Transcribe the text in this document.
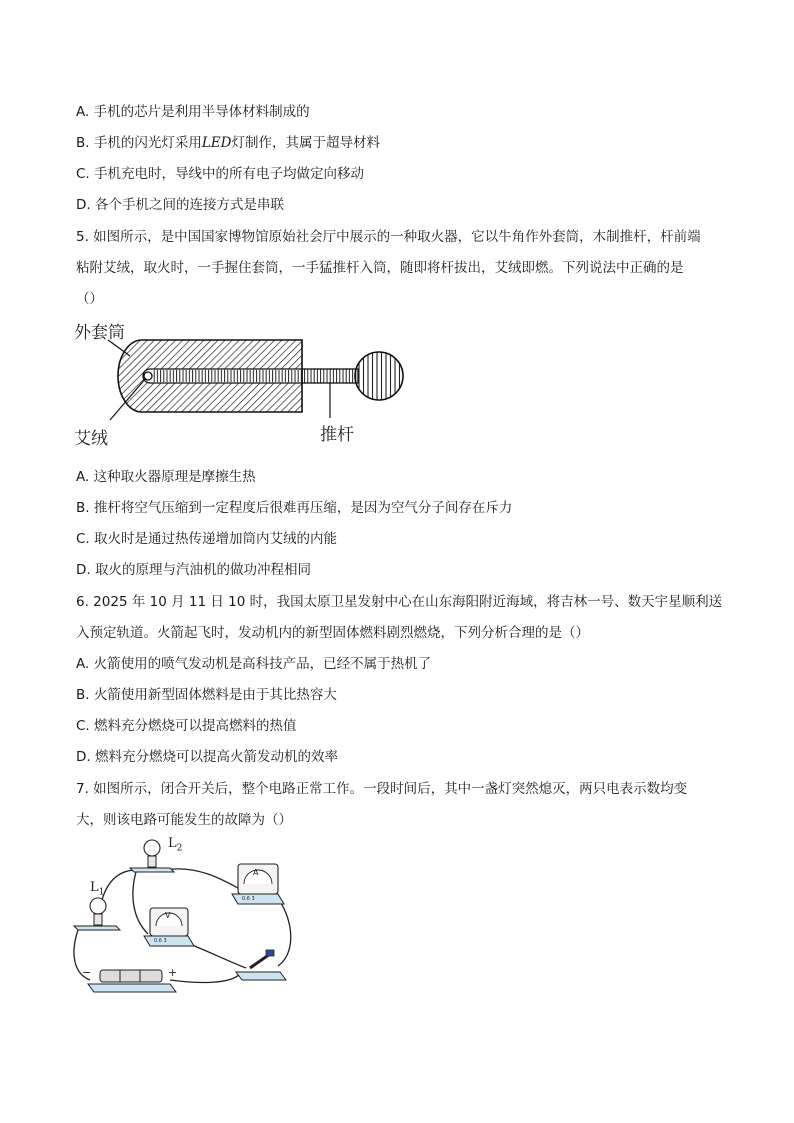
A. 手机的芯片是利用半导体材料制成的
B. 手机的闪光灯采用LED灯制作，其属于超导材料
C. 手机充电时，导线中的所有电子均做定向移动
D. 各个手机之间的连接方式是串联
5. 如图所示，是中国国家博物馆原始社会厅中展示的一种取火器，它以牛角作外套筒，木制推杆，杆前端
粘附艾绒，取火时，一手握住套筒，一手猛推杆入筒，随即将杆拔出，艾绒即燃。下列说法中正确的是
（）
外套筒
艾绒	推杆
A. 这种取火器原理是摩擦生热
B. 推杆将空气压缩到一定程度后很难再压缩，是因为空气分子间存在斥力
C. 取火时是通过热传递增加筒内艾绒的内能
D. 取火的原理与汽油机的做功冲程相同
6. 2025 年 10 月 11 日 10 时，我国太原卫星发射中心在山东海阳附近海域，将吉林一号、数天宇星顺利送
入预定轨道。火箭起飞时，发动机内的新型固体燃料剧烈燃烧，下列分析合理的是（）
A. 火箭使用的喷气发动机是高科技产品，已经不属于热机了
B. 火箭使用新型固体燃料是由于其比热容大
C. 燃料充分燃烧可以提高燃料的热值
D. 燃料充分燃烧可以提高火箭发动机的效率
7. 如图所示，闭合开关后，整个电路正常工作。一段时间后，其中一盏灯突然熄灭，两只电表示数均变
大，则该电路可能发生的故障为（）
$L_2$
$L_1$
A
V
−	+
0.6 3
0.6 3
